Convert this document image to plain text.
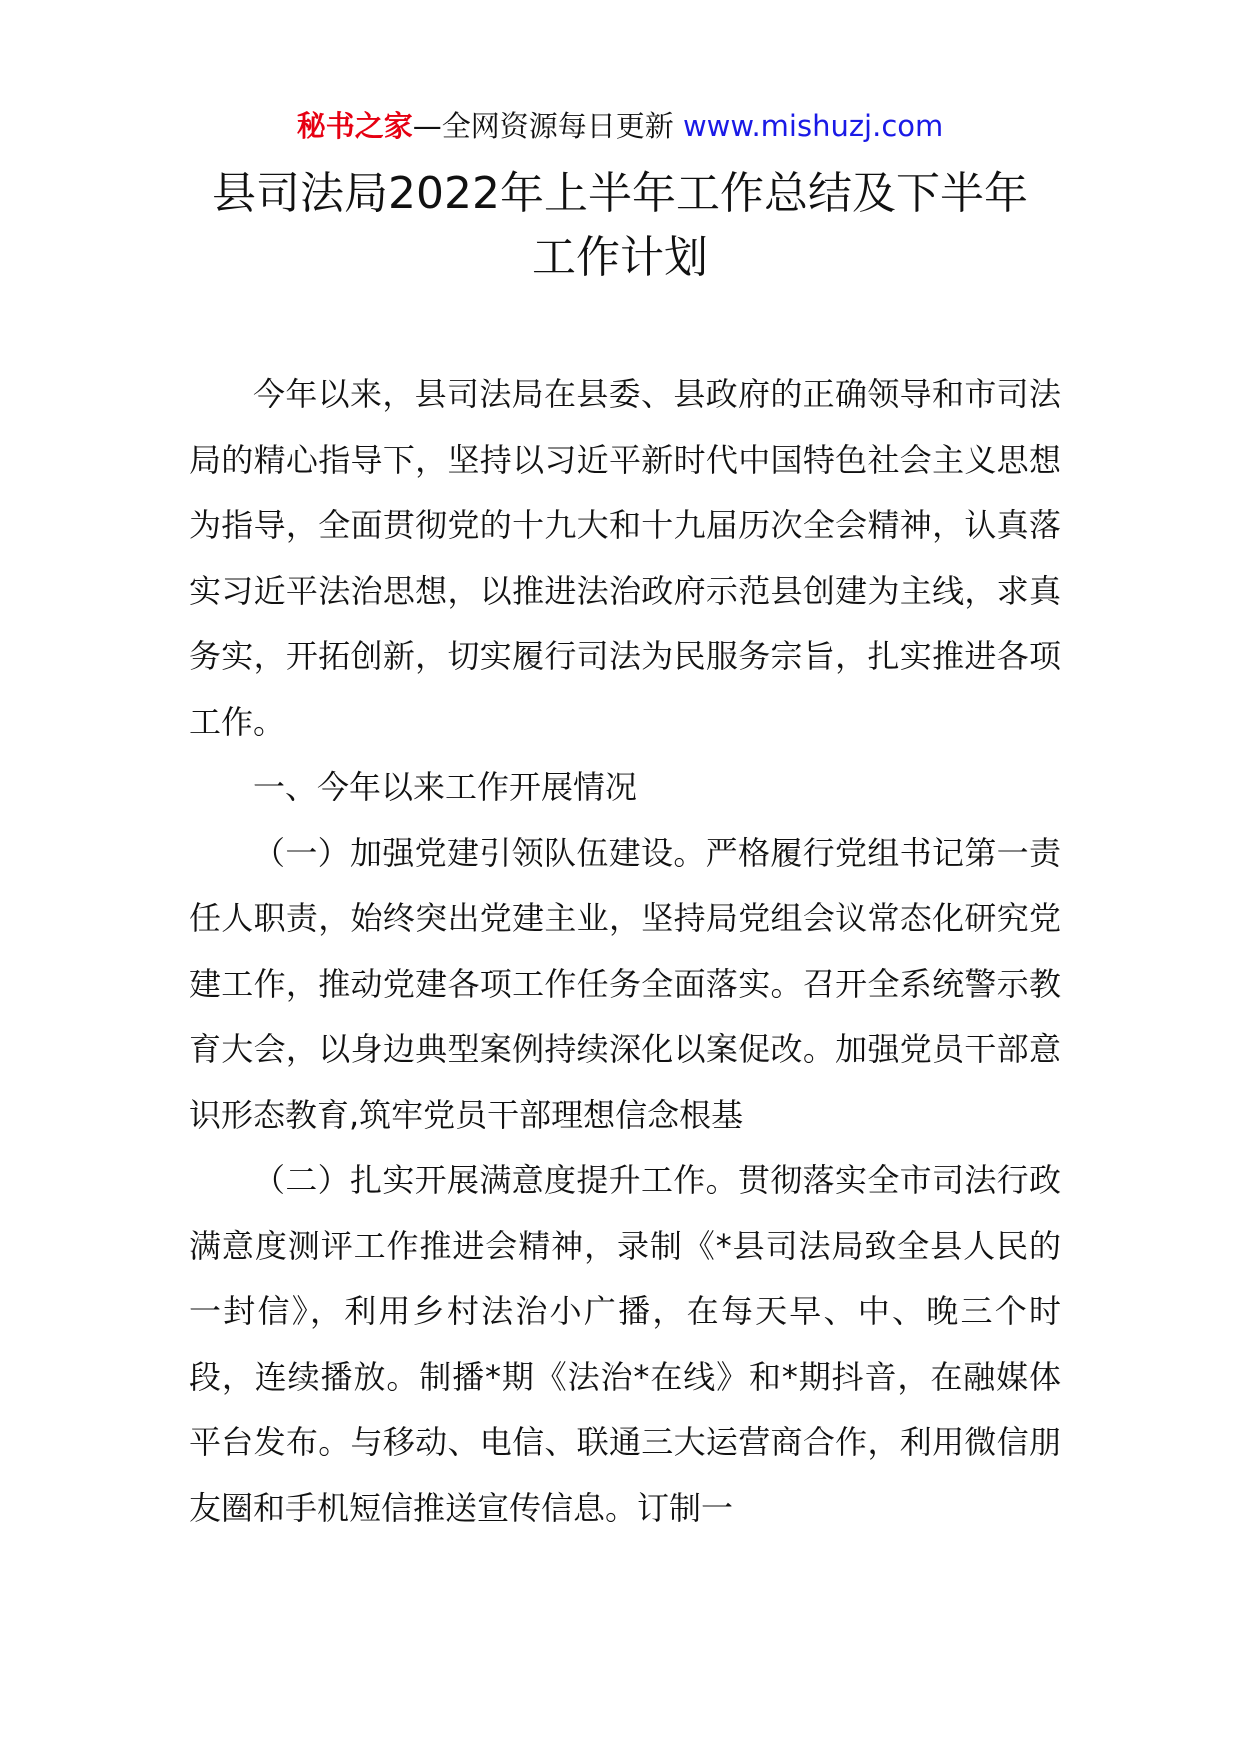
秘书之家—全网资源每日更新 www.mishuzj.com
县司法局2022年上半年工作总结及下半年
工作计划

今年以来，县司法局在县委、县政府的正确领导和市司法局的精心指导下，坚持以习近平新时代中国特色社会主义思想为指导，全面贯彻党的十九大和十九届历次全会精神，认真落实习近平法治思想，以推进法治政府示范县创建为主线，求真务实，开拓创新，切实履行司法为民服务宗旨，扎实推进各项工作。

一、今年以来工作开展情况

（一）加强党建引领队伍建设。严格履行党组书记第一责任人职责，始终突出党建主业，坚持局党组会议常态化研究党建工作，推动党建各项工作任务全面落实。召开全系统警示教育大会，以身边典型案例持续深化以案促改。加强党员干部意识形态教育,筑牢党员干部理想信念根基

（二）扎实开展满意度提升工作。贯彻落实全市司法行政满意度测评工作推进会精神，录制《*县司法局致全县人民的一封信》，利用乡村法治小广播，在每天早、中、晚三个时段，连续播放。制播*期《法治*在线》和*期抖音，在融媒体平台发布。与移动、电信、联通三大运营商合作，利用微信朋友圈和手机短信推送宣传信息。订制一
